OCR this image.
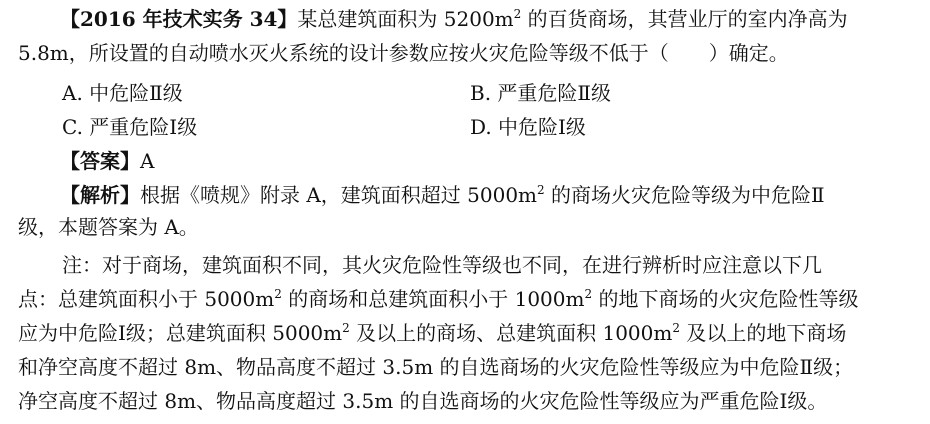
【2016 年技术实务 34】某总建筑面积为 $5200m^2$ 的百货商场，其营业厅的室内净高为
5.8m，所设置的自动喷水灭火系统的设计参数应按火灾危险等级不低于（　　）确定。
A. 中危险Ⅱ级	B. 严重危险Ⅱ级
C. 严重危险Ⅰ级	D. 中危险Ⅰ级
【答案】A
【解析】根据《喷规》附录 A，建筑面积超过 $5000m^2$ 的商场火灾危险等级为中危险Ⅱ
级，本题答案为 A。
注：对于商场，建筑面积不同，其火灾危险性等级也不同，在进行辨析时应注意以下几
点：总建筑面积小于 $5000m^2$ 的商场和总建筑面积小于 $1000m^2$ 的地下商场的火灾危险性等级
应为中危险Ⅰ级；总建筑面积 $5000m^2$ 及以上的商场、总建筑面积 $1000m^2$ 及以上的地下商场
和净空高度不超过 8m、物品高度不超过 3.5m 的自选商场的火灾危险性等级应为中危险Ⅱ级；
净空高度不超过 8m、物品高度超过 3.5m 的自选商场的火灾危险性等级应为严重危险Ⅰ级。
